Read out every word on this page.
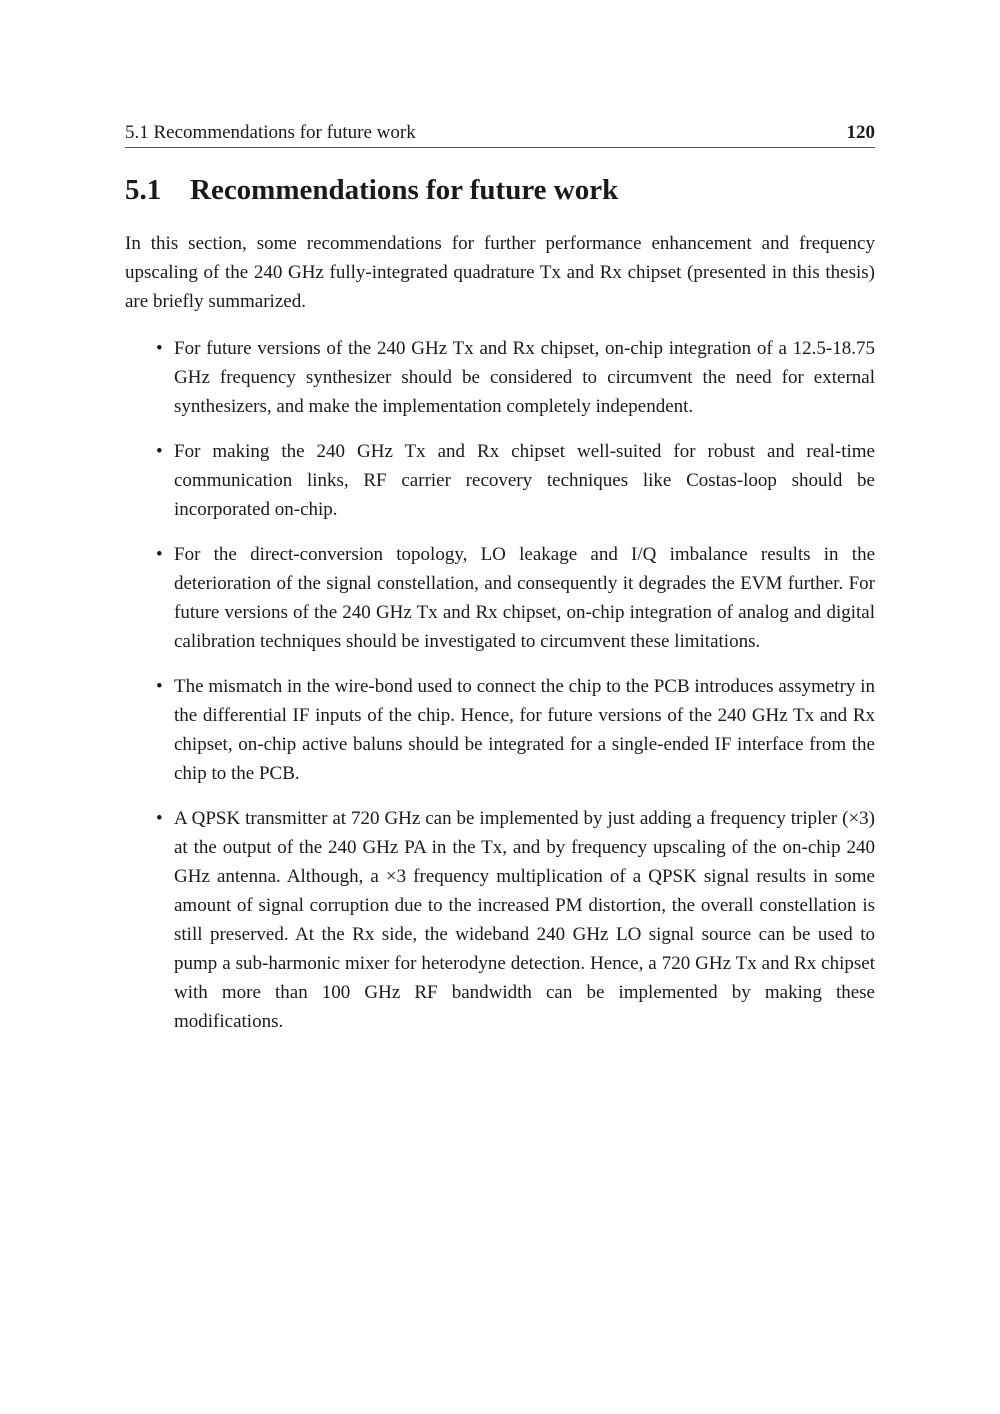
5.1 Recommendations for future work	120
5.1 Recommendations for future work

In this section, some recommendations for further performance enhancement and frequency upscaling of the 240 GHz fully-integrated quadrature Tx and Rx chipset (presented in this thesis) are briefly summarized.

• For future versions of the 240 GHz Tx and Rx chipset, on-chip integration of a 12.5-18.75 GHz frequency synthesizer should be considered to circumvent the need for external synthesizers, and make the implementation completely independent.
• For making the 240 GHz Tx and Rx chipset well-suited for robust and real-time communication links, RF carrier recovery techniques like Costas-loop should be incorporated on-chip.
• For the direct-conversion topology, LO leakage and I/Q imbalance results in the deterioration of the signal constellation, and consequently it degrades the EVM further. For future versions of the 240 GHz Tx and Rx chipset, on-chip integration of analog and digital calibration techniques should be investigated to circumvent these limitations.
• The mismatch in the wire-bond used to connect the chip to the PCB introduces assymetry in the differential IF inputs of the chip. Hence, for future versions of the 240 GHz Tx and Rx chipset, on-chip active baluns should be integrated for a single-ended IF interface from the chip to the PCB.
• A QPSK transmitter at 720 GHz can be implemented by just adding a frequency tripler (×3) at the output of the 240 GHz PA in the Tx, and by frequency upscaling of the on-chip 240 GHz antenna. Although, a ×3 frequency multiplication of a QPSK signal results in some amount of signal corruption due to the increased PM distortion, the overall constellation is still preserved. At the Rx side, the wideband 240 GHz LO signal source can be used to pump a sub-harmonic mixer for heterodyne detection. Hence, a 720 GHz Tx and Rx chipset with more than 100 GHz RF bandwidth can be implemented by making these modifications.
